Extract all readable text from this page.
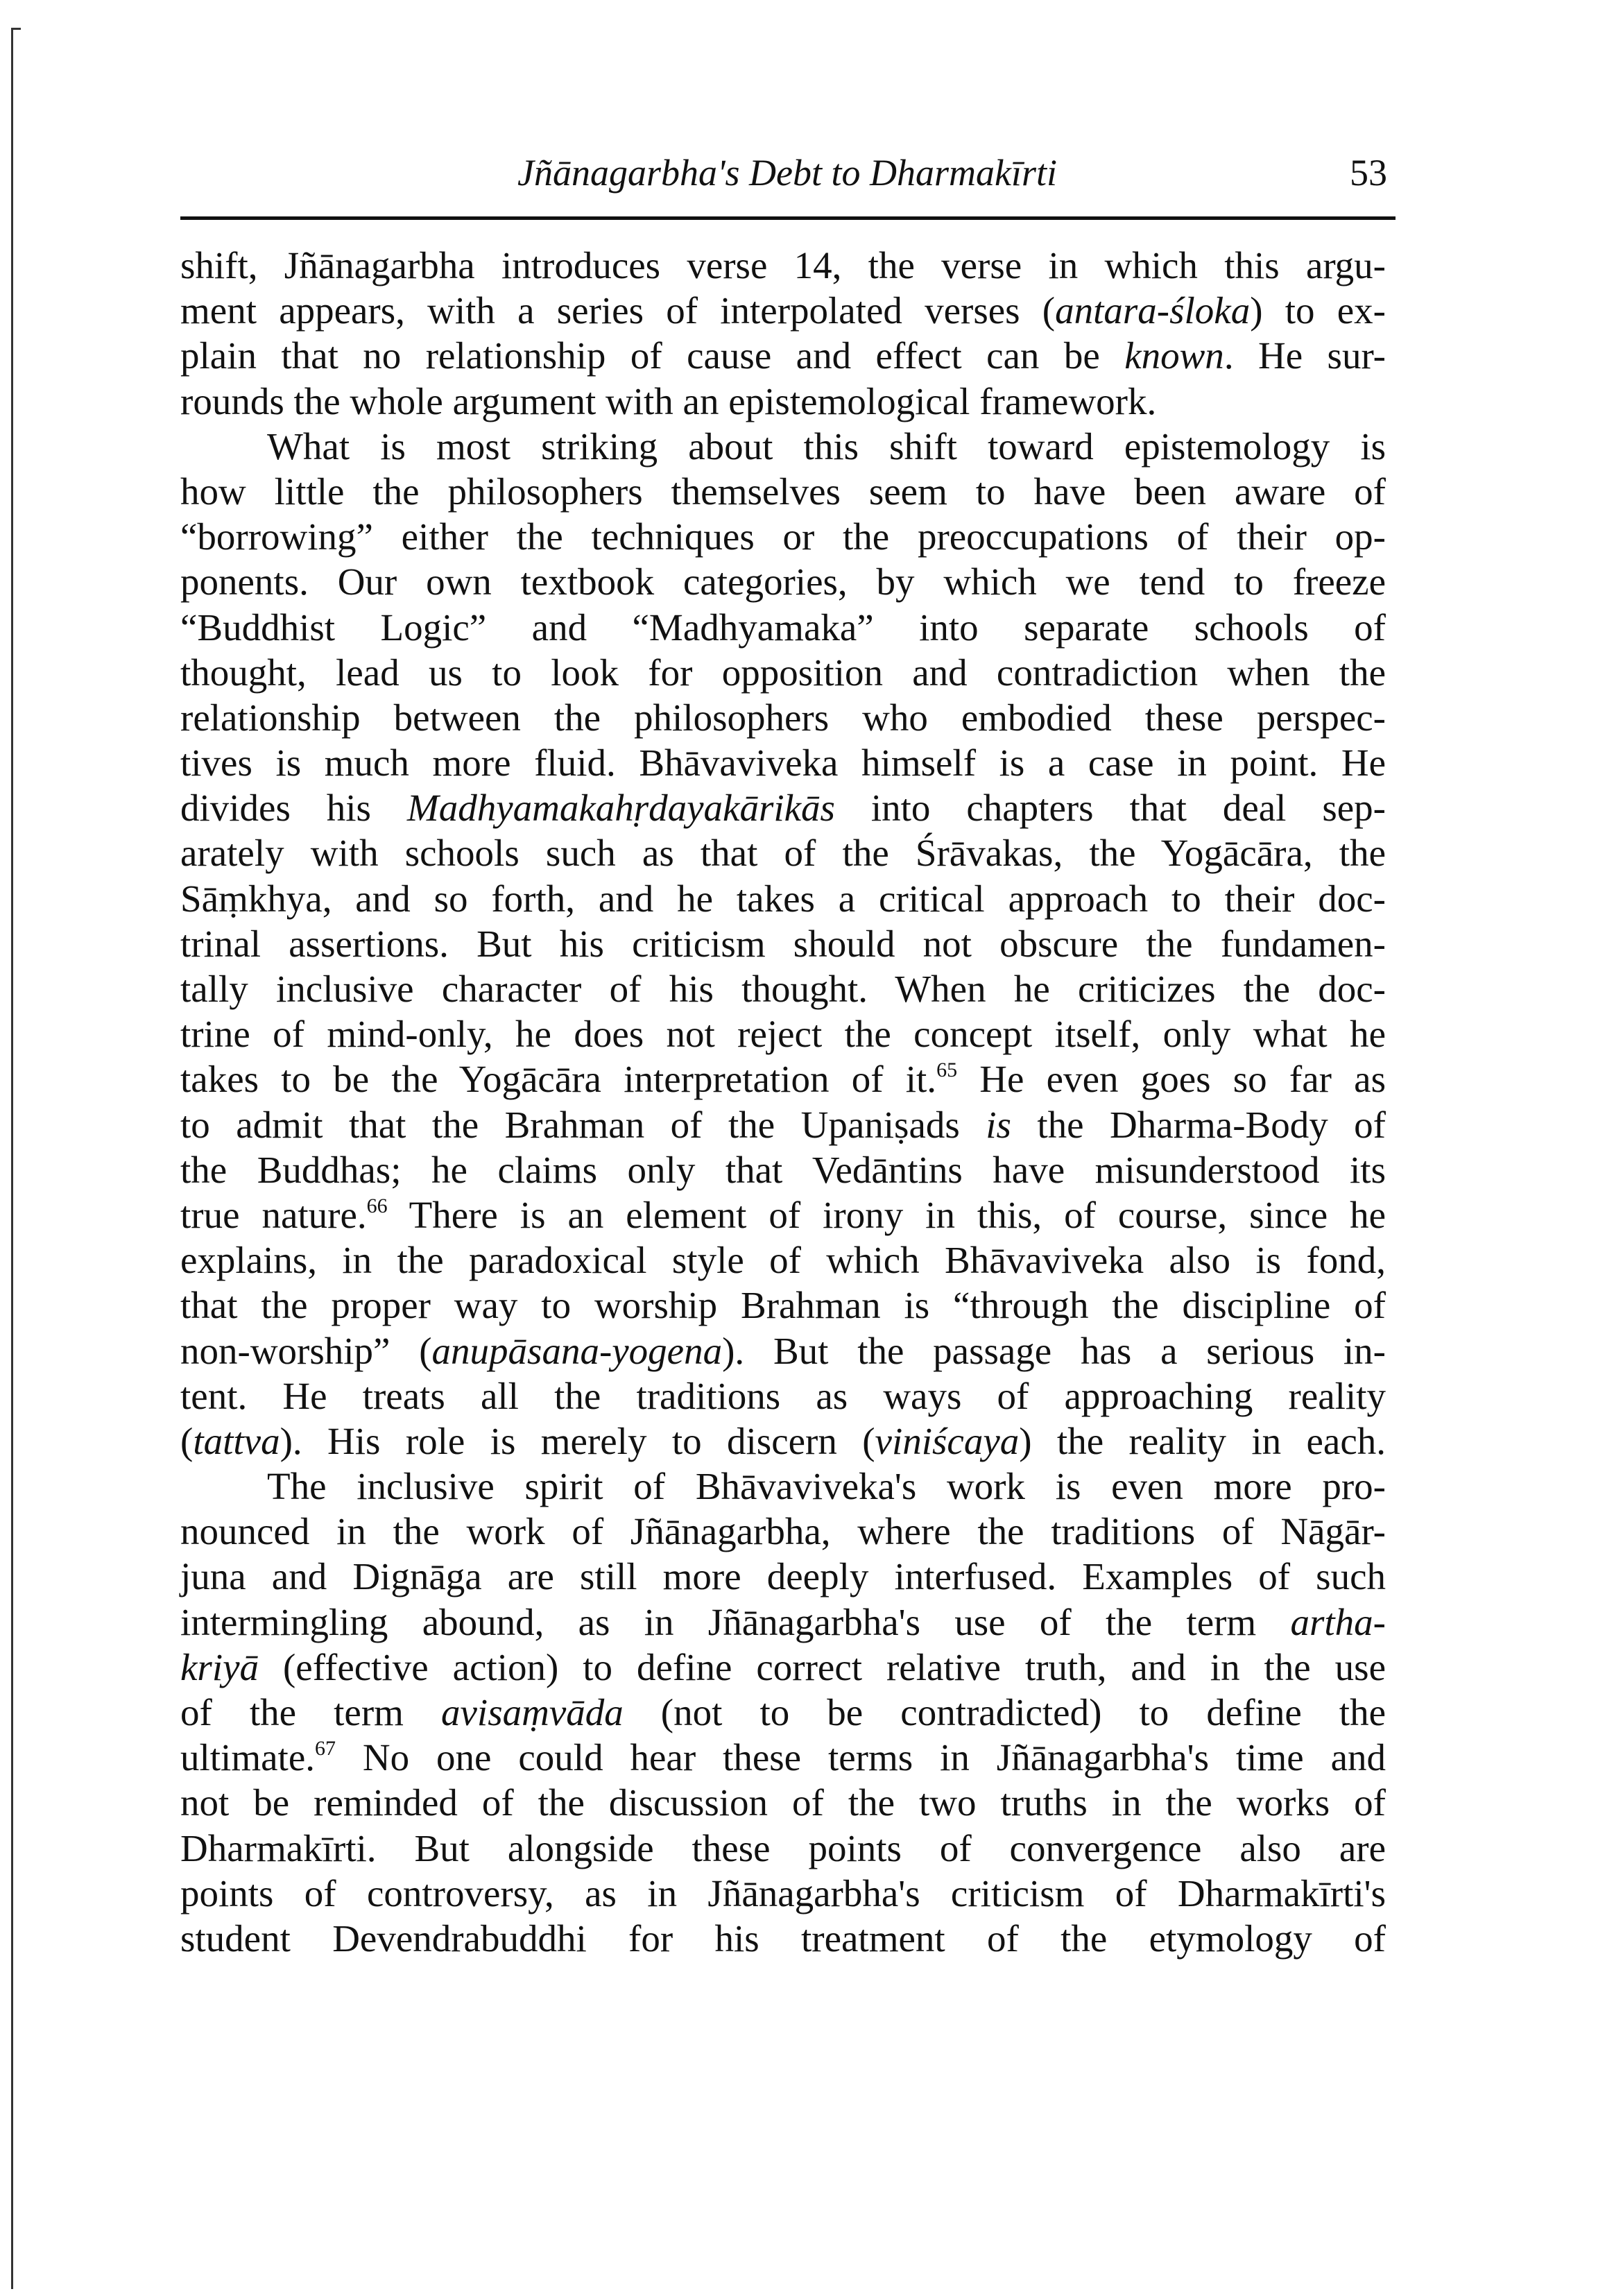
Jñānagarbha's Debt to Dharmakīrti	53
shift, Jñānagarbha introduces verse 14, the verse in which this argu-
ment appears, with a series of interpolated verses (antara-śloka) to ex-
plain that no relationship of cause and effect can be known. He sur-
rounds the whole argument with an epistemological framework.
What is most striking about this shift toward epistemology is
how little the philosophers themselves seem to have been aware of
“borrowing” either the techniques or the preoccupations of their op-
ponents. Our own textbook categories, by which we tend to freeze
“Buddhist Logic” and “Madhyamaka” into separate schools of
thought, lead us to look for opposition and contradiction when the
relationship between the philosophers who embodied these perspec-
tives is much more fluid. Bhāvaviveka himself is a case in point. He
divides his Madhyamakahṛdayakārikās into chapters that deal sep-
arately with schools such as that of the Śrāvakas, the Yogācāra, the
Sāṃkhya, and so forth, and he takes a critical approach to their doc-
trinal assertions. But his criticism should not obscure the fundamen-
tally inclusive character of his thought. When he criticizes the doc-
trine of mind-only, he does not reject the concept itself, only what he
takes to be the Yogācāra interpretation of it.$^{65}$ He even goes so far as
to admit that the Brahman of the Upaniṣads is the Dharma-Body of
the Buddhas; he claims only that Vedāntins have misunderstood its
true nature.$^{66}$ There is an element of irony in this, of course, since he
explains, in the paradoxical style of which Bhāvaviveka also is fond,
that the proper way to worship Brahman is “through the discipline of
non-worship” (anupāsana-yogena). But the passage has a serious in-
tent. He treats all the traditions as ways of approaching reality
(tattva). His role is merely to discern (viniścaya) the reality in each.
The inclusive spirit of Bhāvaviveka's work is even more pro-
nounced in the work of Jñānagarbha, where the traditions of Nāgār-
juna and Dignāga are still more deeply interfused. Examples of such
intermingling abound, as in Jñānagarbha's use of the term artha-
kriyā (effective action) to define correct relative truth, and in the use
of the term avisaṃvāda (not to be contradicted) to define the
ultimate.$^{67}$ No one could hear these terms in Jñānagarbha's time and
not be reminded of the discussion of the two truths in the works of
Dharmakīrti. But alongside these points of convergence also are
points of controversy, as in Jñānagarbha's criticism of Dharmakīrti's
student Devendrabuddhi for his treatment of the etymology of
